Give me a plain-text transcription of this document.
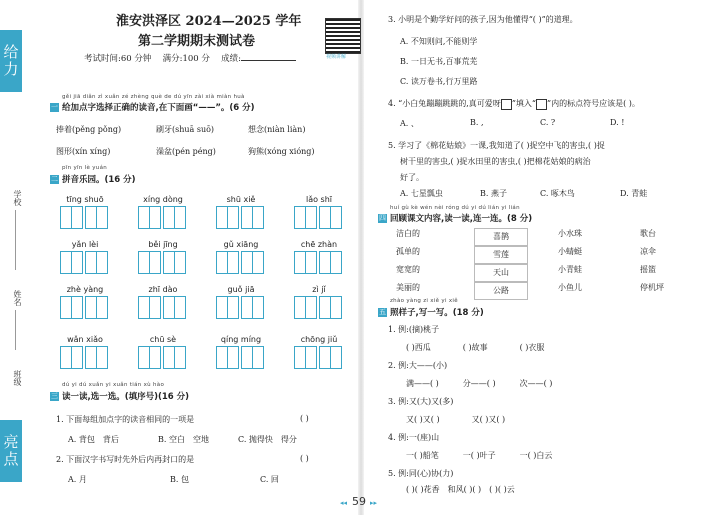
给力
学校
姓名
班级
亮点
淮安洪泽区 2024—2025 学年
第二学期期末测试卷
视频讲解
考试时间:60 分钟　 满分:100 分　 成绩:
gěi jiā diǎn zì xuǎn zé zhèng què de dú yīn zài xià miàn huà
一 给加点字选择正确的读音,在下面画“——”。(6 分)
捧着(pěng pǒng)	刷牙(shuā suō)	想念(niàn liàn)
图形(xín xíng)	澡盆(pén péng)	狗熊(xóng xióng)
pīn yīn lè yuán
二 拼音乐园。(16 分)
tīng shuō	xíng dòng	shū xiě	lǎo shī
yǎn lèi	běi jīng	gǔ xiāng	chē zhàn
zhè yàng	zhī dào	guǒ jiā	zì jǐ
wǎn xiǎo	chū sè	qíng míng	chōng jiǔ
dú yi dú xuǎn yi xuǎn tián xù hào
三 读一读,选一选。(填序号)(16 分)
1. 下面每组加点字的读音相同的一项是	( )
A. 背包　背后	B. 空白　空地	C. 抛得快　得分
2. 下面汉字书写时先外后内再封口的是	( )
A. 月	B. 包	C. 回
3. 小明是个勤学好问的孩子,因为他懂得“( )”的道理。
A. 不知则问,不能则学
B. 一日无书,百事荒芜
C. 读万卷书,行万里路
4. “小白兔蹦蹦跳跳的,真可爱呀 ”填入“ ”内的标点符号应该是( )。
A. 、	B. ,	C. ?	D. !
5. 学习了《棉花姑娘》一课,我知道了( )捉空中飞的害虫,( )捉
树干里的害虫,( )捉水田里的害虫,( )把棉花姑娘的病治
好了。
A. 七星瓢虫	B. 燕子	C. 啄木鸟	D. 青蛙
huí gù kè wén nèi róng dú yi dú lián yi lián
四 回顾课文内容,读一读,连一连。(8 分)
洁白的
孤单的
宽宽的
美丽的
喜鹊
雪莲
天山
公路
小水珠
小蜻蜓
小青蛙
小鱼儿
歌台
凉伞
摇篮
停机坪
zhào yàng zi xiě yi xiě
五 照样子,写一写。(18 分)
1. 例:(摘)桃子
( )西瓜　　　　( )故事　　　　( )衣服
2. 例:大——(小)
满——( )　　　分——( )　　　次——( )
3. 例:又(大)又(多)
又( )又( )　　　　又( )又( )
4. 例:一(座)山
一( )船笔　　　一( )叶子　　　一( )白云
5. 例:同(心)协(力)
( )( )花香　和风( )( )　( )( )云
◂◂ 59 ▸▸
